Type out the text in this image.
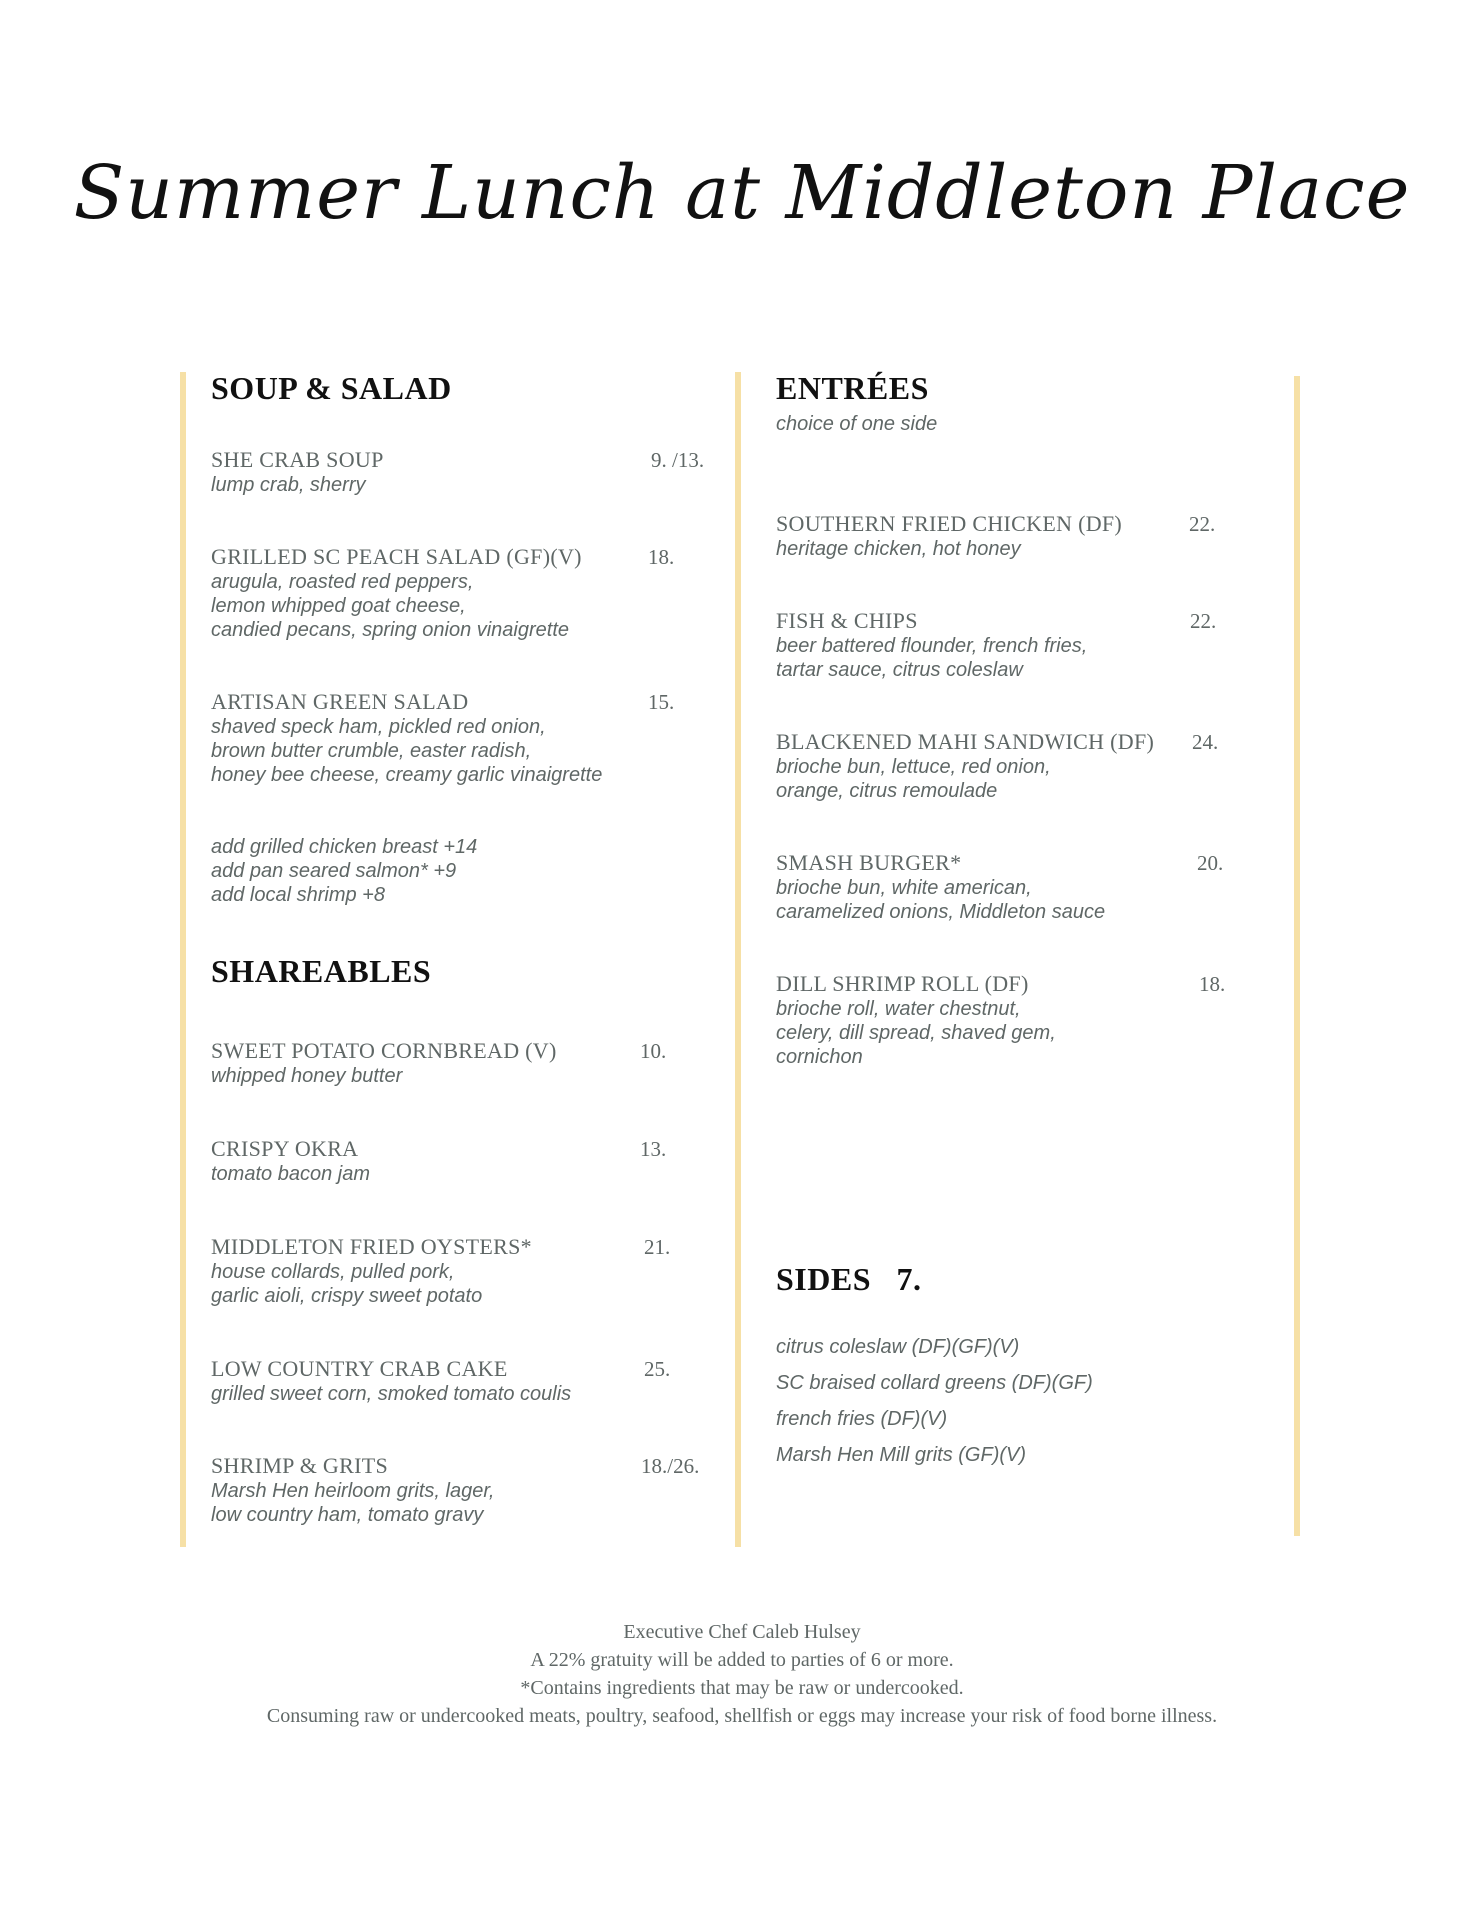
Summer Lunch at Middleton Place
SOUP & SALAD
SHE CRAB SOUP
lump crab, sherry
9. /13.
GRILLED SC PEACH SALAD (GF)(V)
arugula, roasted red peppers,
lemon whipped goat cheese,
candied pecans, spring onion vinaigrette
18.
ARTISAN GREEN SALAD
shaved speck ham, pickled red onion,
brown butter crumble, easter radish,
honey bee cheese, creamy garlic vinaigrette
15.
add grilled chicken breast +14
add pan seared salmon* +9
add local shrimp +8
SHAREABLES
SWEET POTATO CORNBREAD (V)
whipped honey butter
10.
CRISPY OKRA
tomato bacon jam
13.
MIDDLETON FRIED OYSTERS*
house collards, pulled pork,
garlic aioli, crispy sweet potato
21.
LOW COUNTRY CRAB CAKE
grilled sweet corn, smoked tomato coulis
25.
SHRIMP & GRITS
Marsh Hen heirloom grits, lager,
low country ham, tomato gravy
18./26.
ENTRÉES
choice of one side
SOUTHERN FRIED CHICKEN (DF)
heritage chicken, hot honey
22.
FISH & CHIPS
beer battered flounder, french fries,
tartar sauce, citrus coleslaw
22.
BLACKENED MAHI SANDWICH (DF)
brioche bun, lettuce, red onion,
orange, citrus remoulade
24.
SMASH BURGER*
brioche bun, white american,
caramelized onions, Middleton sauce
20.
DILL SHRIMP ROLL (DF)
brioche roll, water chestnut,
celery, dill spread, shaved gem,
cornichon
18.
SIDES 7.
citrus coleslaw (DF)(GF)(V)
SC braised collard greens (DF)(GF)
french fries (DF)(V)
Marsh Hen Mill grits (GF)(V)
Executive Chef Caleb Hulsey
A 22% gratuity will be added to parties of 6 or more.
*Contains ingredients that may be raw or undercooked.
Consuming raw or undercooked meats, poultry, seafood, shellfish or eggs may increase your risk of food borne illness.
